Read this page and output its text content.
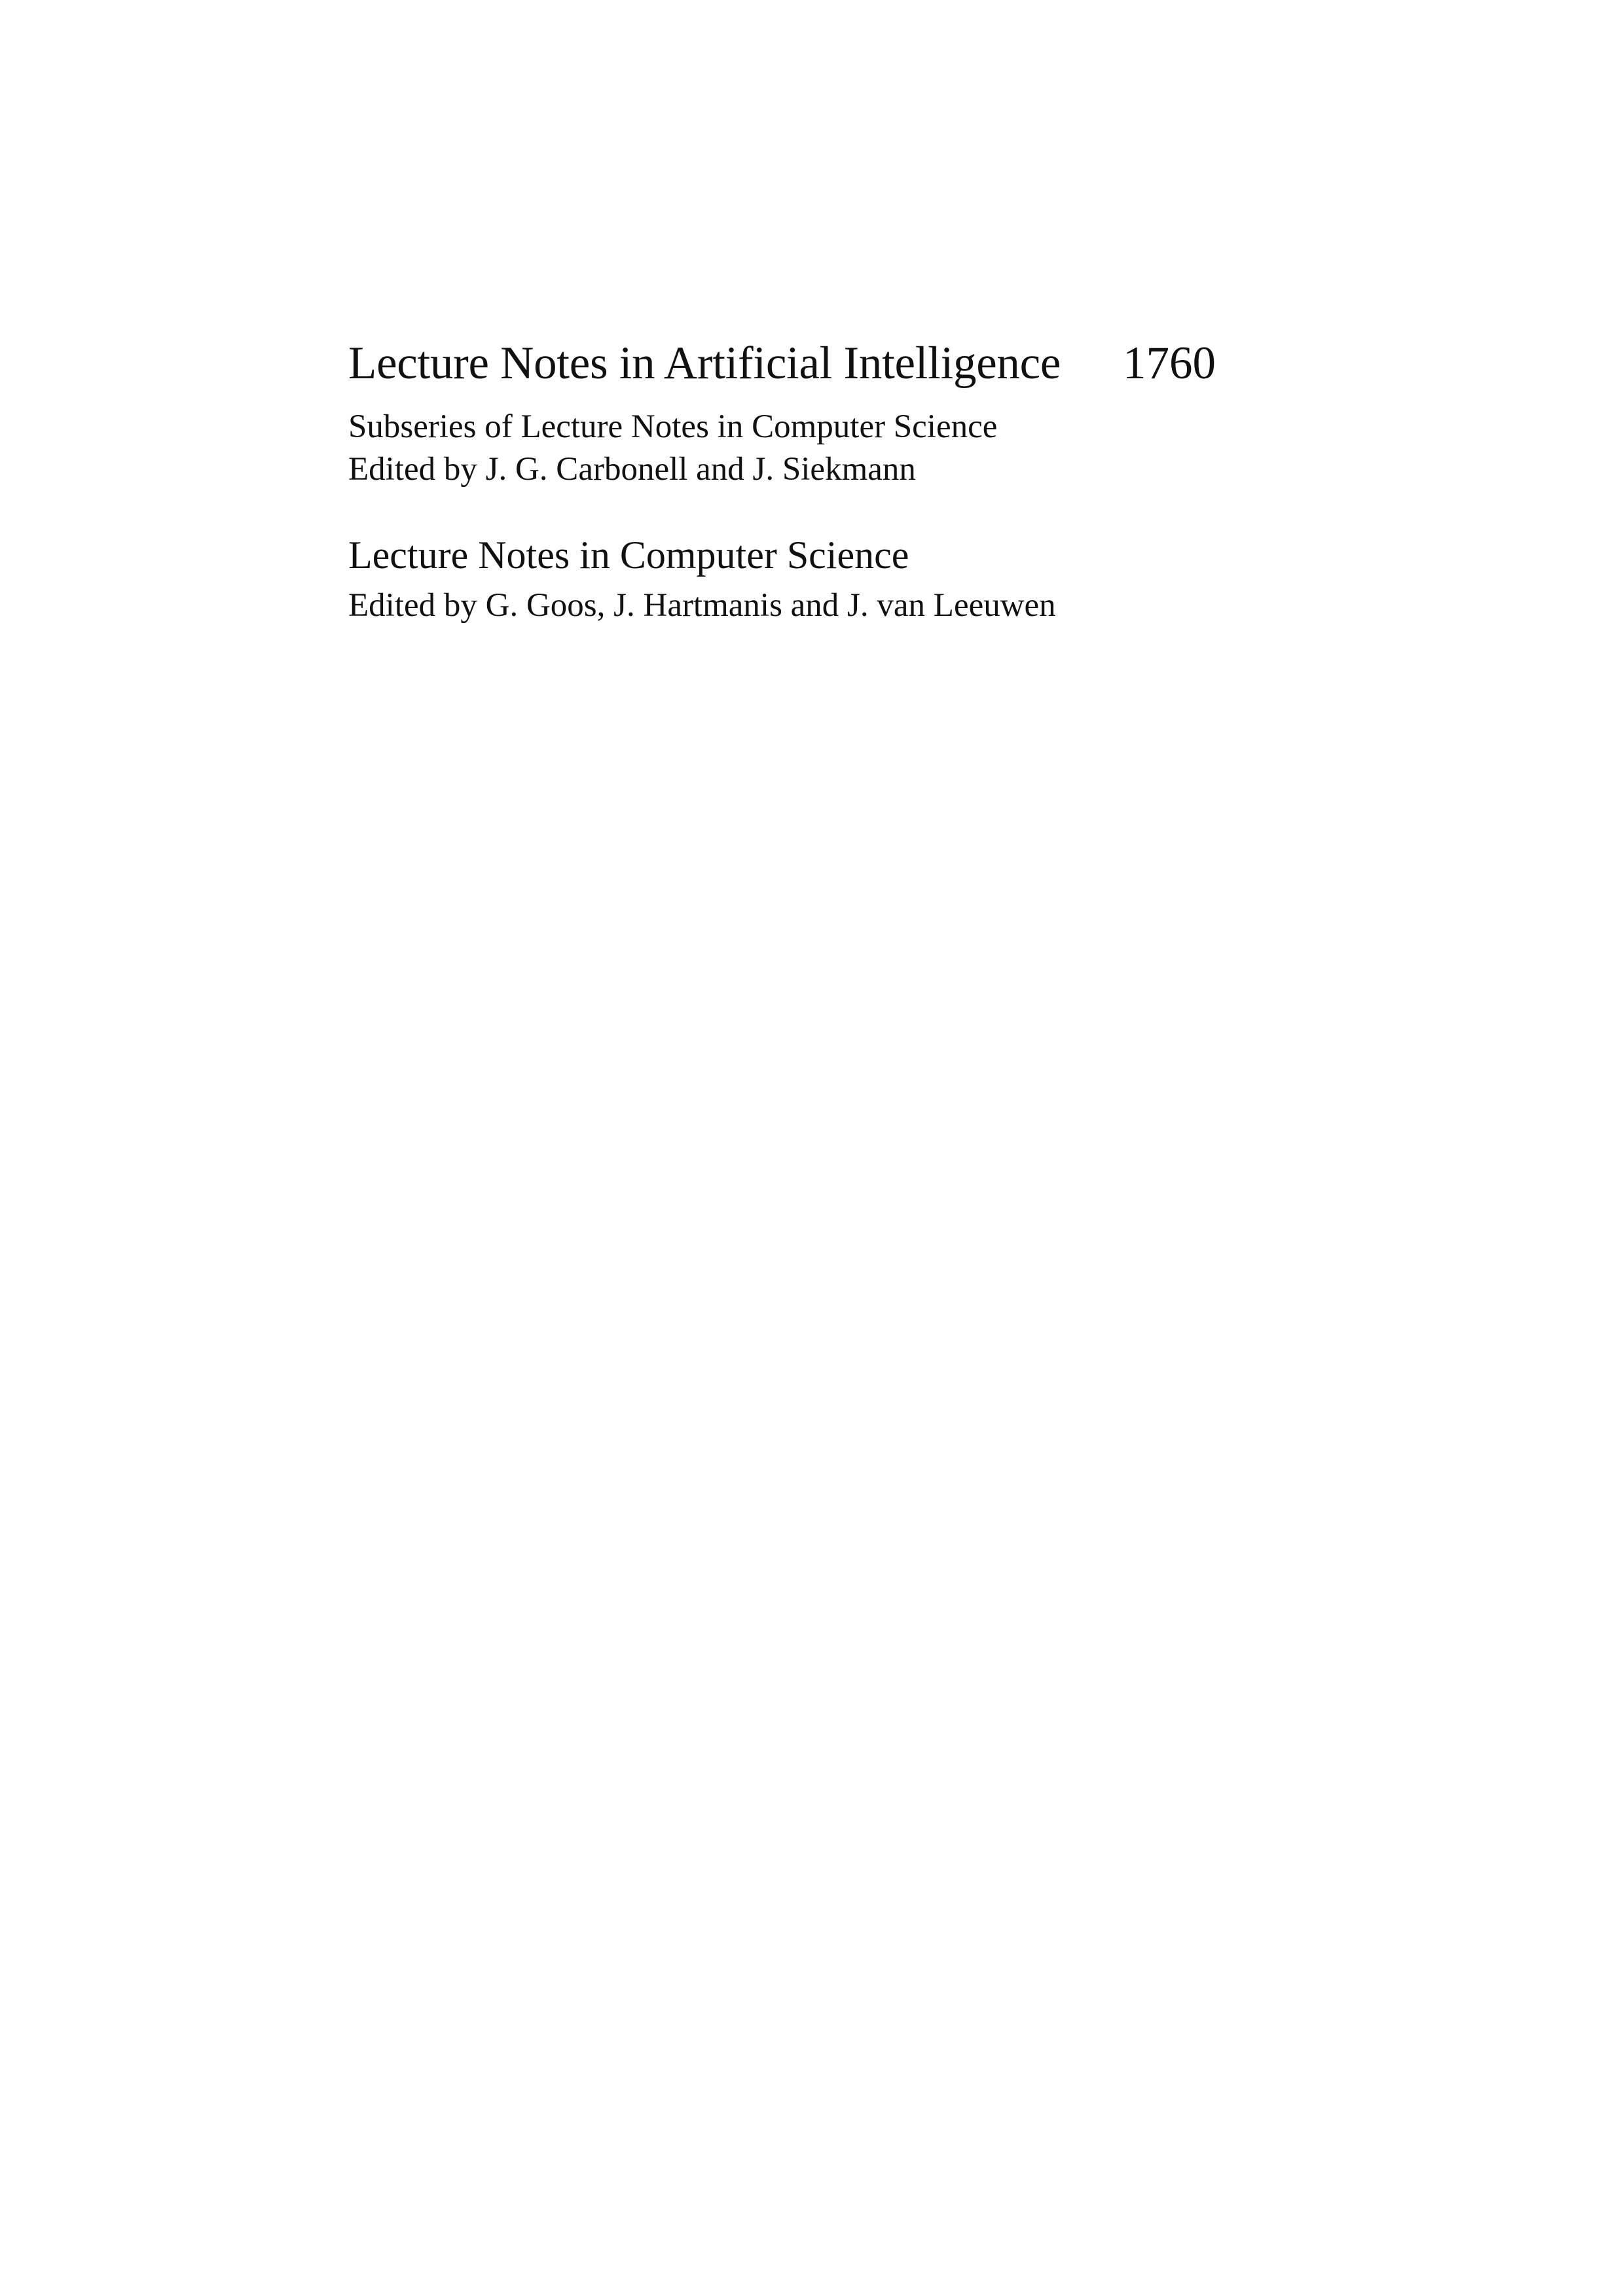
Lecture Notes in Artificial Intelligence 1760
Subseries of Lecture Notes in Computer Science
Edited by J. G. Carbonell and J. Siekmann
Lecture Notes in Computer Science
Edited by G. Goos, J. Hartmanis and J. van Leeuwen
